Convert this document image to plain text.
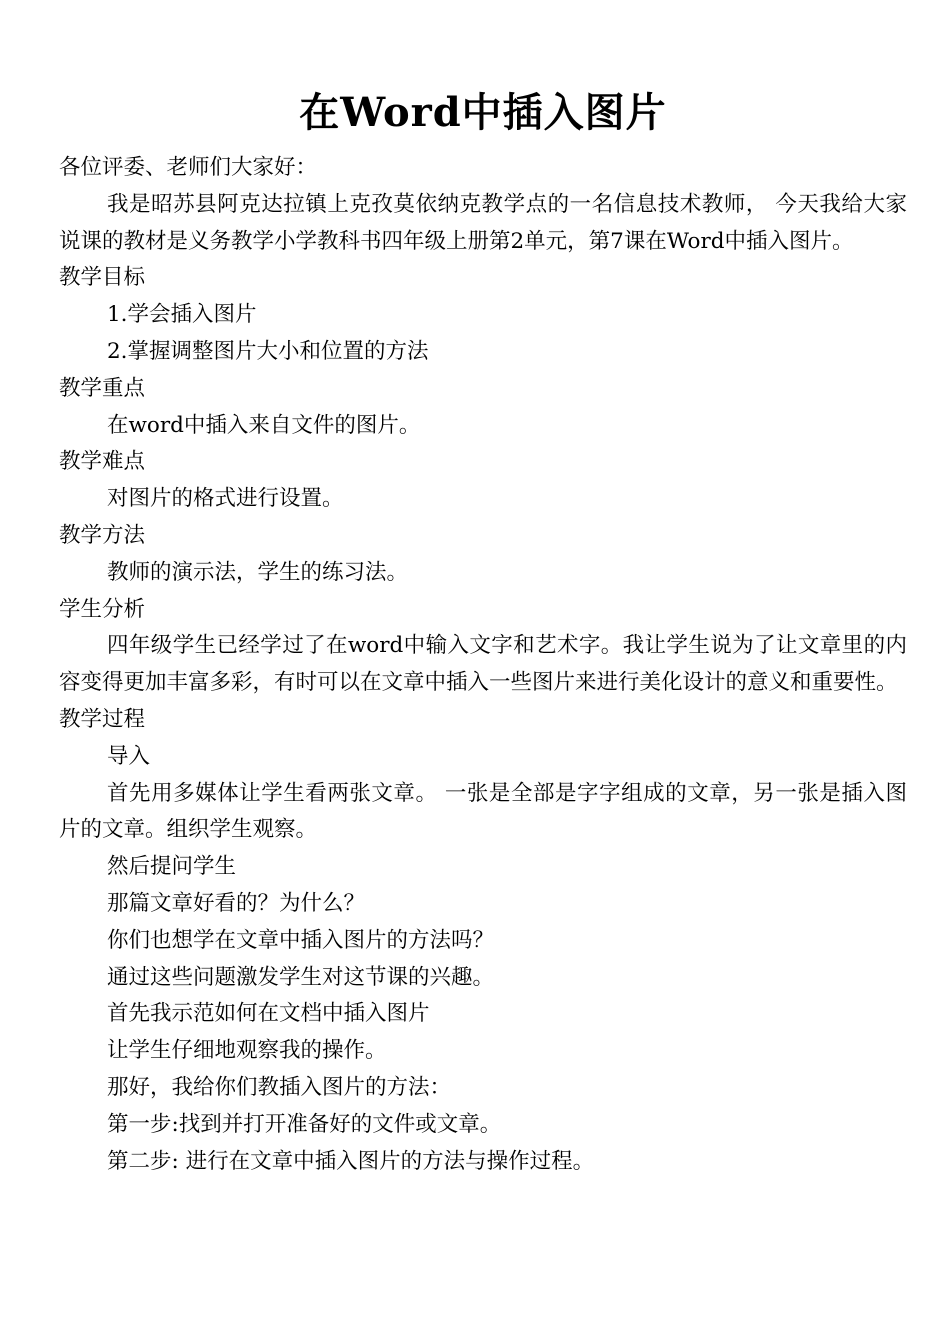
在Word中插入图片

各位评委、老师们大家好：

我是昭苏县阿克达拉镇上克孜莫依纳克教学点的一名信息技术教师， 今天我给大家说课的教材是义务教学小学教科书四年级上册第2单元，第7课在Word中插入图片。

教学目标

1.学会插入图片

2.掌握调整图片大小和位置的方法

教学重点

在word中插入来自文件的图片。

教学难点

对图片的格式进行设置。

教学方法

教师的演示法，学生的练习法。

学生分析

四年级学生已经学过了在word中输入文字和艺术字。我让学生说为了让文章里的内容变得更加丰富多彩，有时可以在文章中插入一些图片来进行美化设计的意义和重要性。

教学过程

导入

首先用多媒体让学生看两张文章。 一张是全部是字字组成的文章，另一张是插入图片的文章。组织学生观察。

然后提问学生

那篇文章好看的？为什么？

你们也想学在文章中插入图片的方法吗？

通过这些问题激发学生对这节课的兴趣。

首先我示范如何在文档中插入图片

让学生仔细地观察我的操作。

那好，我给你们教插入图片的方法：

第一步:找到并打开准备好的文件或文章。

第二步: 进行在文章中插入图片的方法与操作过程。
